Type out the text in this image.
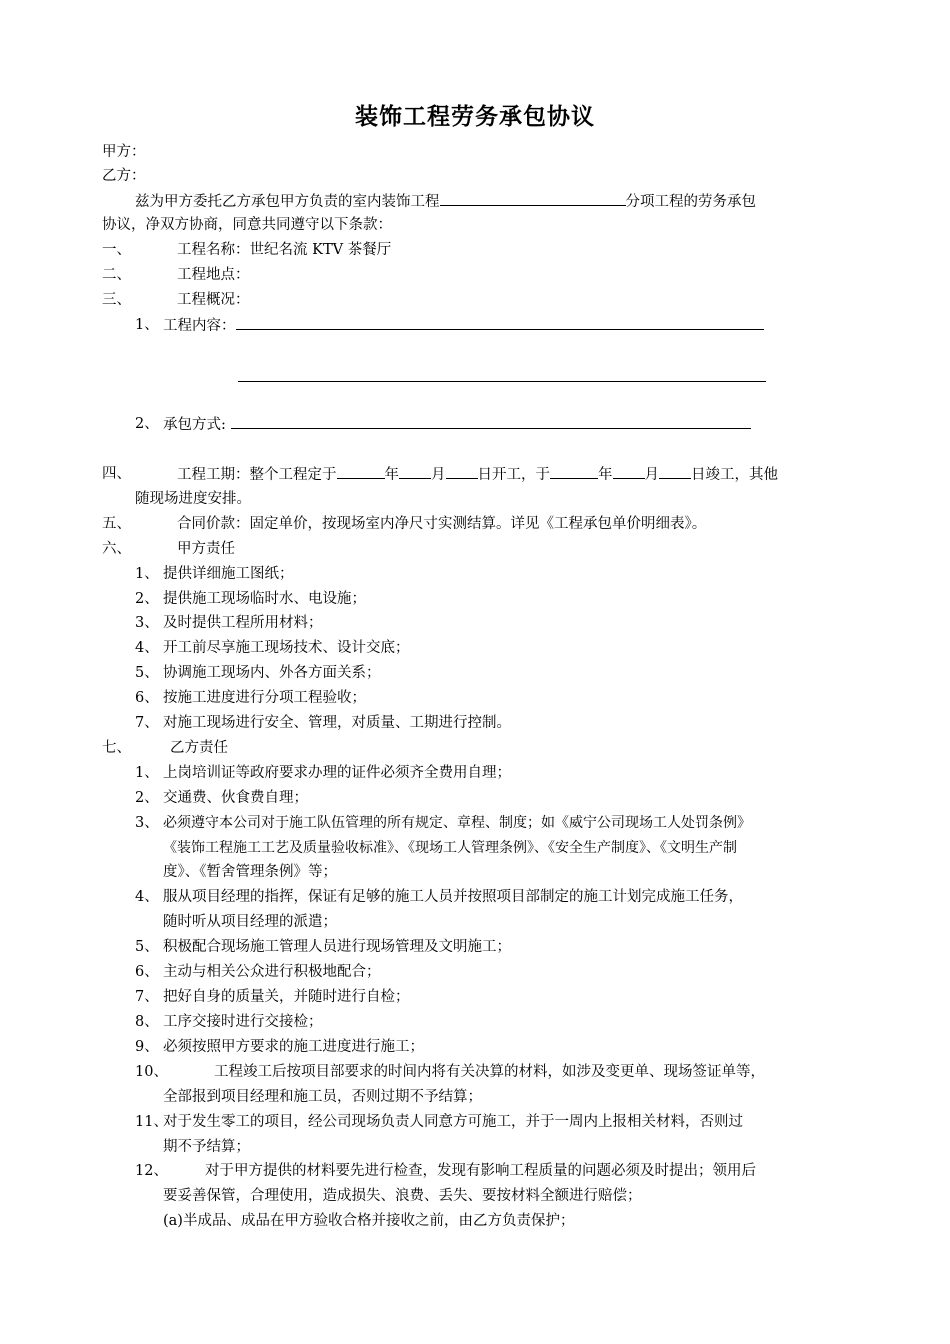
装饰工程劳务承包协议
甲方：
乙方：
兹为甲方委托乙方承包甲方负责的室内装饰工程	分项工程的劳务承包
协议，净双方协商，同意共同遵守以下条款：
一、	工程名称：世纪名流 KTV 茶餐厅
二、	工程地点：
三、	工程概况：
1、 工程内容：
2、 承包方式:
四、	工程工期：整个工程定于	年 月 日开工，于	年 月 日竣工，其他
随现场进度安排。
五、	合同价款：固定单价，按现场室内净尺寸实测结算。详见《工程承包单价明细表》。
六、	甲方责任
1、 提供详细施工图纸；
2、 提供施工现场临时水、电设施；
3、 及时提供工程所用材料；
4、 开工前尽享施工现场技术、设计交底；
5、 协调施工现场内、外各方面关系；
6、 按施工进度进行分项工程验收；
7、 对施工现场进行安全、管理，对质量、工期进行控制。
七、	乙方责任
1、 上岗培训证等政府要求办理的证件必须齐全费用自理；
2、 交通费、伙食费自理；
3、 必须遵守本公司对于施工队伍管理的所有规定、章程、制度；如《威宁公司现场工人处罚条例》
《装饰工程施工工艺及质量验收标准》、《现场工人管理条例》、《安全生产制度》、《文明生产制
度》、《暂舍管理条例》等；
4、 服从项目经理的指挥，保证有足够的施工人员并按照项目部制定的施工计划完成施工任务，
随时听从项目经理的派遣；
5、 积极配合现场施工管理人员进行现场管理及文明施工；
6、 主动与相关公众进行积极地配合；
7、 把好自身的质量关，并随时进行自检；
8、 工序交接时进行交接检；
9、 必须按照甲方要求的施工进度进行施工；
10、	工程竣工后按项目部要求的时间内将有关决算的材料，如涉及变更单、现场签证单等，
全部报到项目经理和施工员，否则过期不予结算；
11、
对于发生零工的项目，经公司现场负责人同意方可施工，并于一周内上报相关材料，否则过
期不予结算；
12、	对于甲方提供的材料要先进行检查，发现有影响工程质量的问题必须及时提出；领用后
要妥善保管，合理使用，造成损失、浪费、丢失、要按材料全额进行赔偿；
(a)半成品、成品在甲方验收合格并接收之前，由乙方负责保护；
